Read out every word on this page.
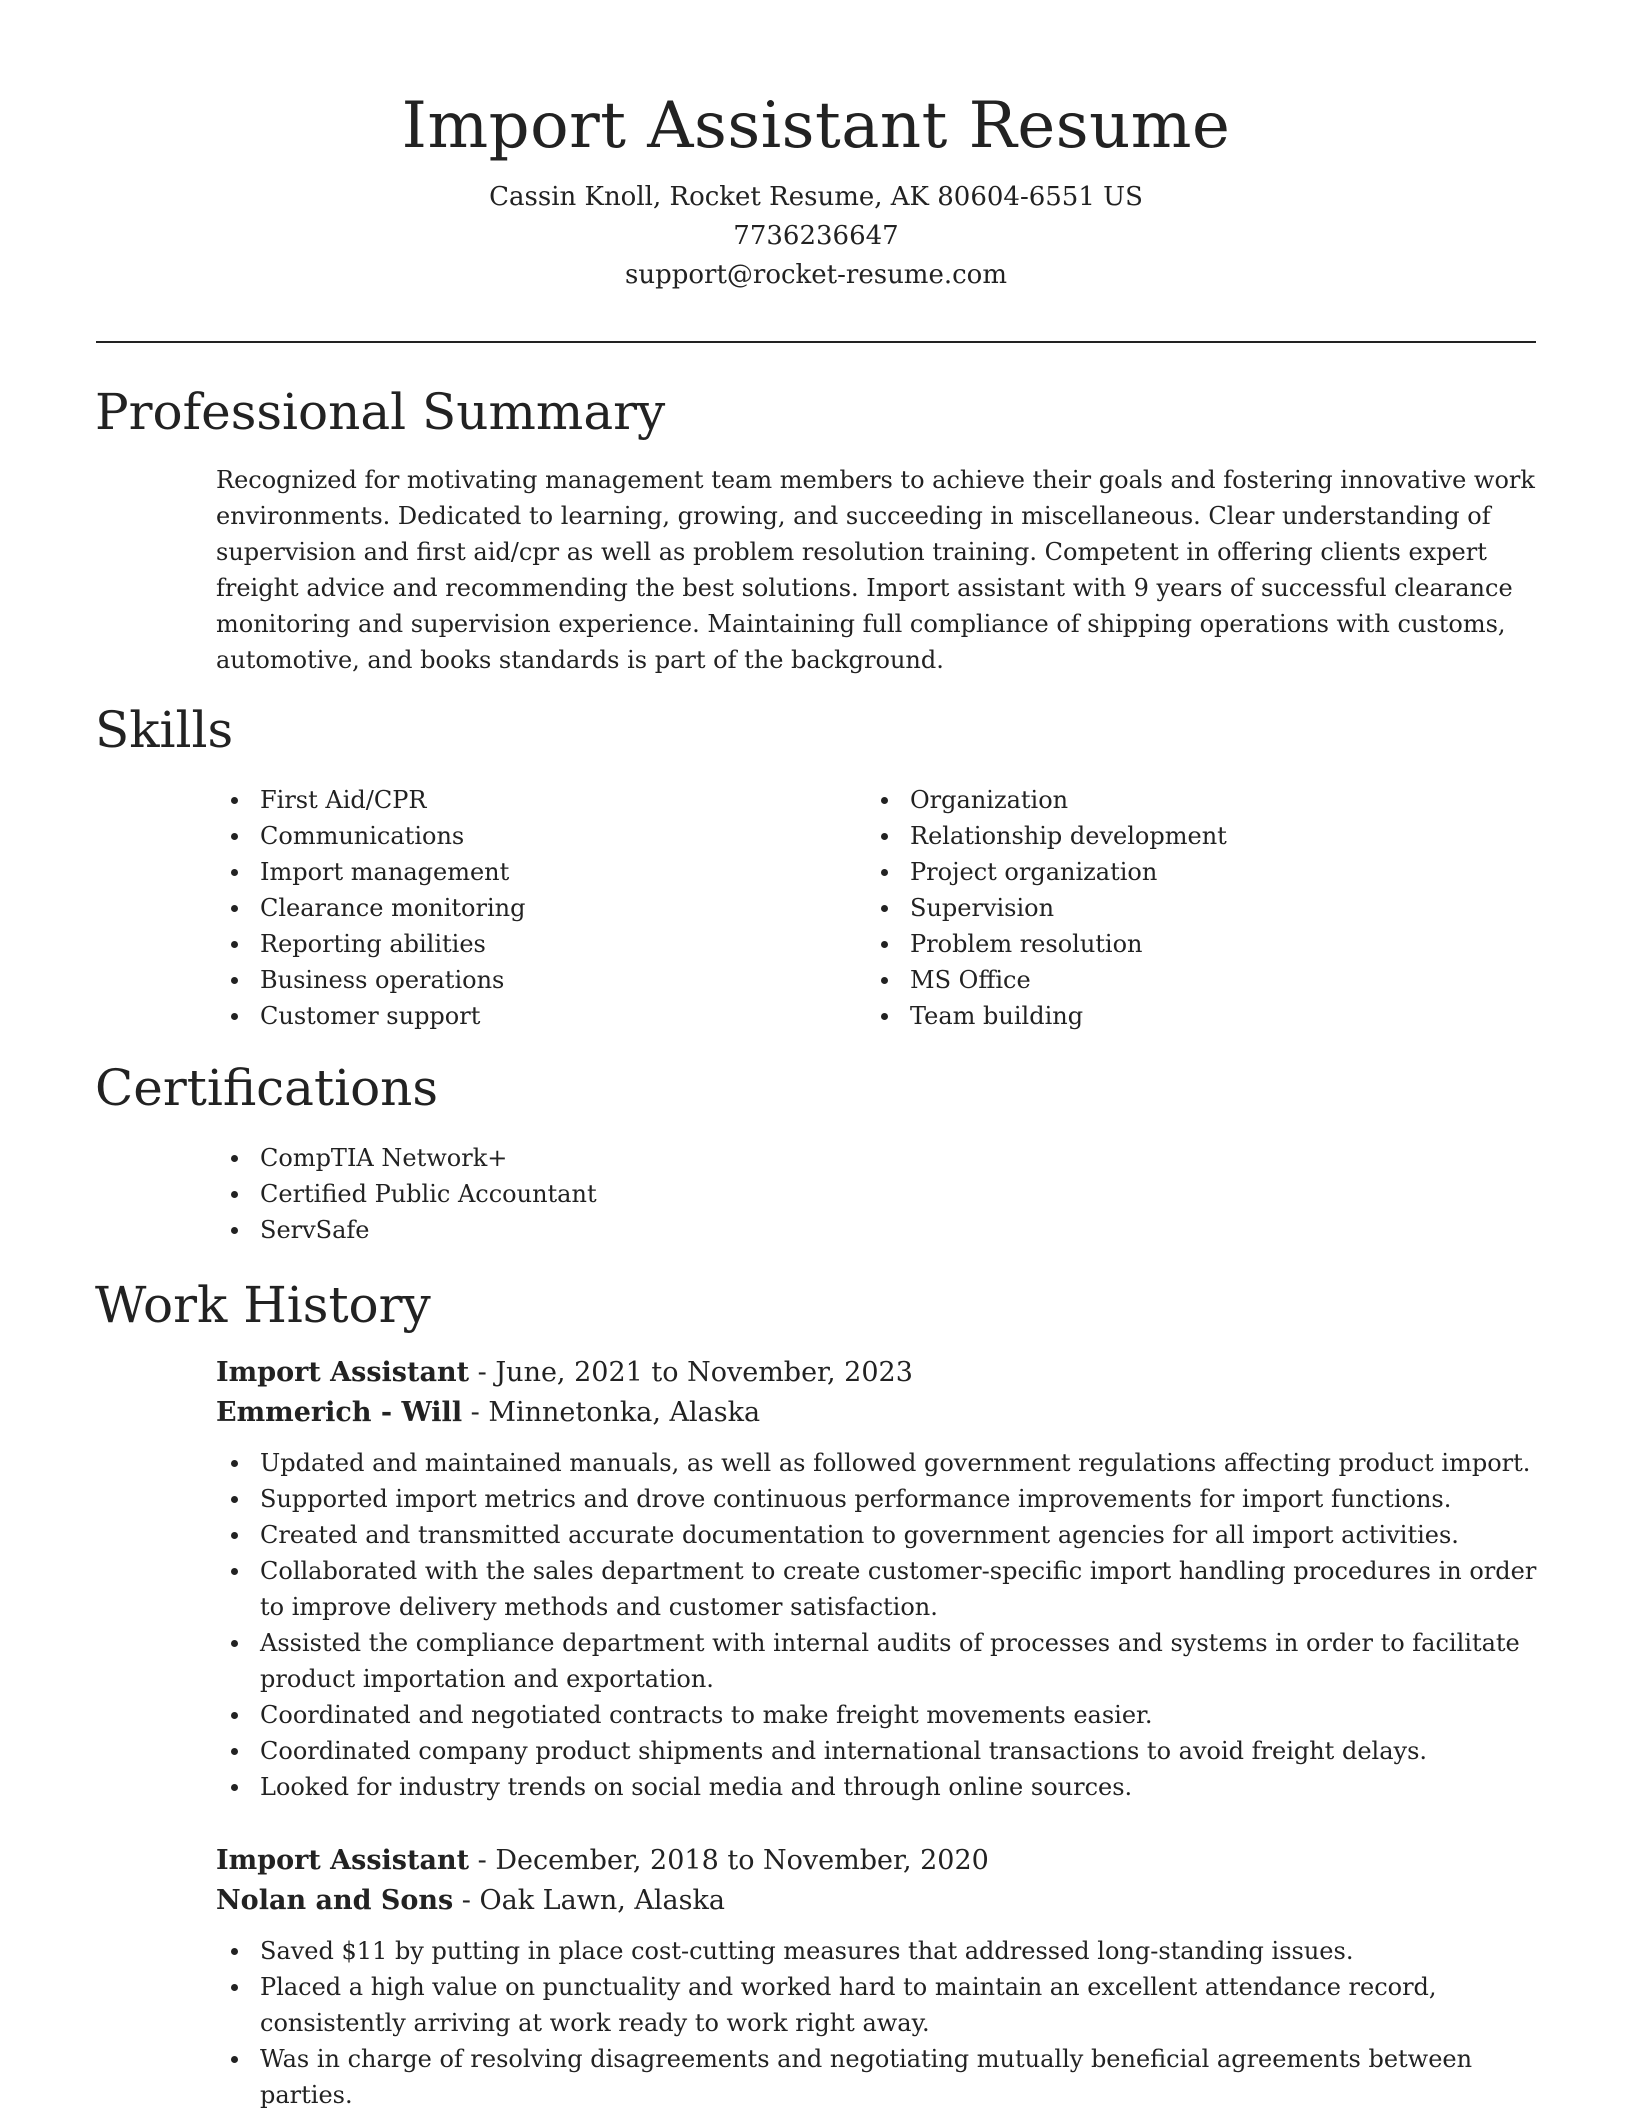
Import Assistant Resume

Cassin Knoll, Rocket Resume, AK 80604-6551 US

7736236647

support@rocket-resume.com

Professional Summary

Recognized for motivating management team members to achieve their goals and fostering innovative work environments. Dedicated to learning, growing, and succeeding in miscellaneous. Clear understanding of supervision and first aid/cpr as well as problem resolution training. Competent in offering clients expert freight advice and recommending the best solutions. Import assistant with 9 years of successful clearance monitoring and supervision experience. Maintaining full compliance of shipping operations with customs, automotive, and books standards is part of the background.

Skills
First Aid/CPR
Communications
Import management
Clearance monitoring
Reporting abilities
Business operations
Customer support
Organization
Relationship development
Project organization
Supervision
Problem resolution
MS Office
Team building
Certifications
CompTIA Network+
Certified Public Accountant
ServSafe
Work History

Import Assistant - June, 2021 to November, 2023

Emmerich - Will - Minnetonka, Alaska

Updated and maintained manuals, as well as followed government regulations affecting product import.
Supported import metrics and drove continuous performance improvements for import functions.
Created and transmitted accurate documentation to government agencies for all import activities.
Collaborated with the sales department to create customer-specific import handling procedures in order to improve delivery methods and customer satisfaction.
Assisted the compliance department with internal audits of processes and systems in order to facilitate product importation and exportation.
Coordinated and negotiated contracts to make freight movements easier.
Coordinated company product shipments and international transactions to avoid freight delays.
Looked for industry trends on social media and through online sources.

Import Assistant - December, 2018 to November, 2020

Nolan and Sons - Oak Lawn, Alaska

Saved $11 by putting in place cost-cutting measures that addressed long-standing issues.
Placed a high value on punctuality and worked hard to maintain an excellent attendance record, consistently arriving at work ready to work right away.
Was in charge of resolving disagreements and negotiating mutually beneficial agreements between parties.
